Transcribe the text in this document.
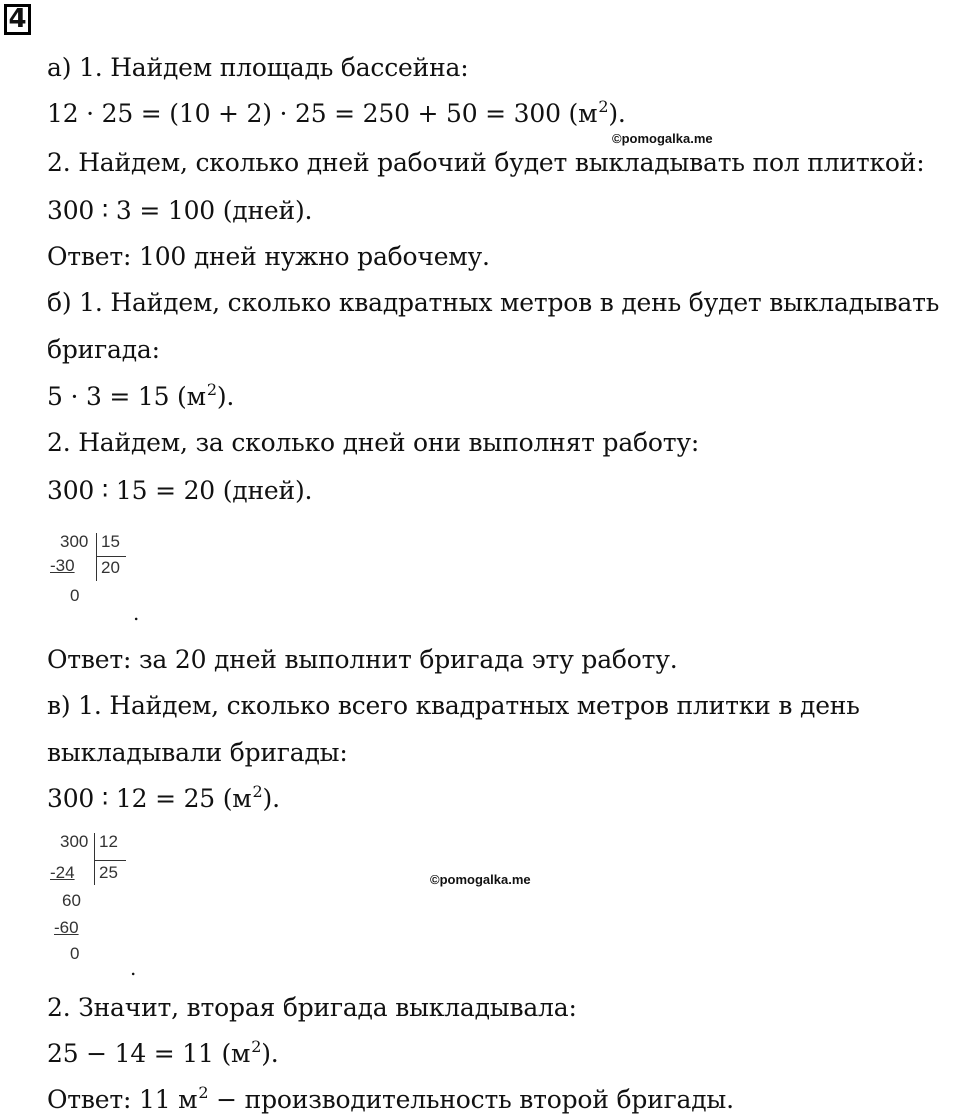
4

а) 1. Найдем площадь бассейна:

12 · 25 = (10 + 2) · 25 = 250 + 50 = 300 $(м^2)$.

©pomogalka.me

2. Найдем, сколько дней рабочий будет выкладывать пол плиткой:

300 ∶ 3 = 100 (дней).

Ответ: 100 дней нужно рабочему.

б) 1. Найдем, сколько квадратных метров в день будет выкладывать

бригада:

5 · 3 = 15 $(м^2)$.

2. Найдем, за сколько дней они выполнят работу:

300 ∶ 15 = 20 (дней).

300 15
-30 20
0
.

Ответ: за 20 дней выполнит бригада эту работу.

в) 1. Найдем, сколько всего квадратных метров плитки в день

выкладывали бригады:

300 ∶ 12 = 25 $(м^2)$.

300 12
-24 25
60
-60
0
.
©pomogalka.me

2. Значит, вторая бригада выкладывала:

25 − 14 = 11 $(м^2)$.

Ответ: 11 $м^2$ − производительность второй бригады.
